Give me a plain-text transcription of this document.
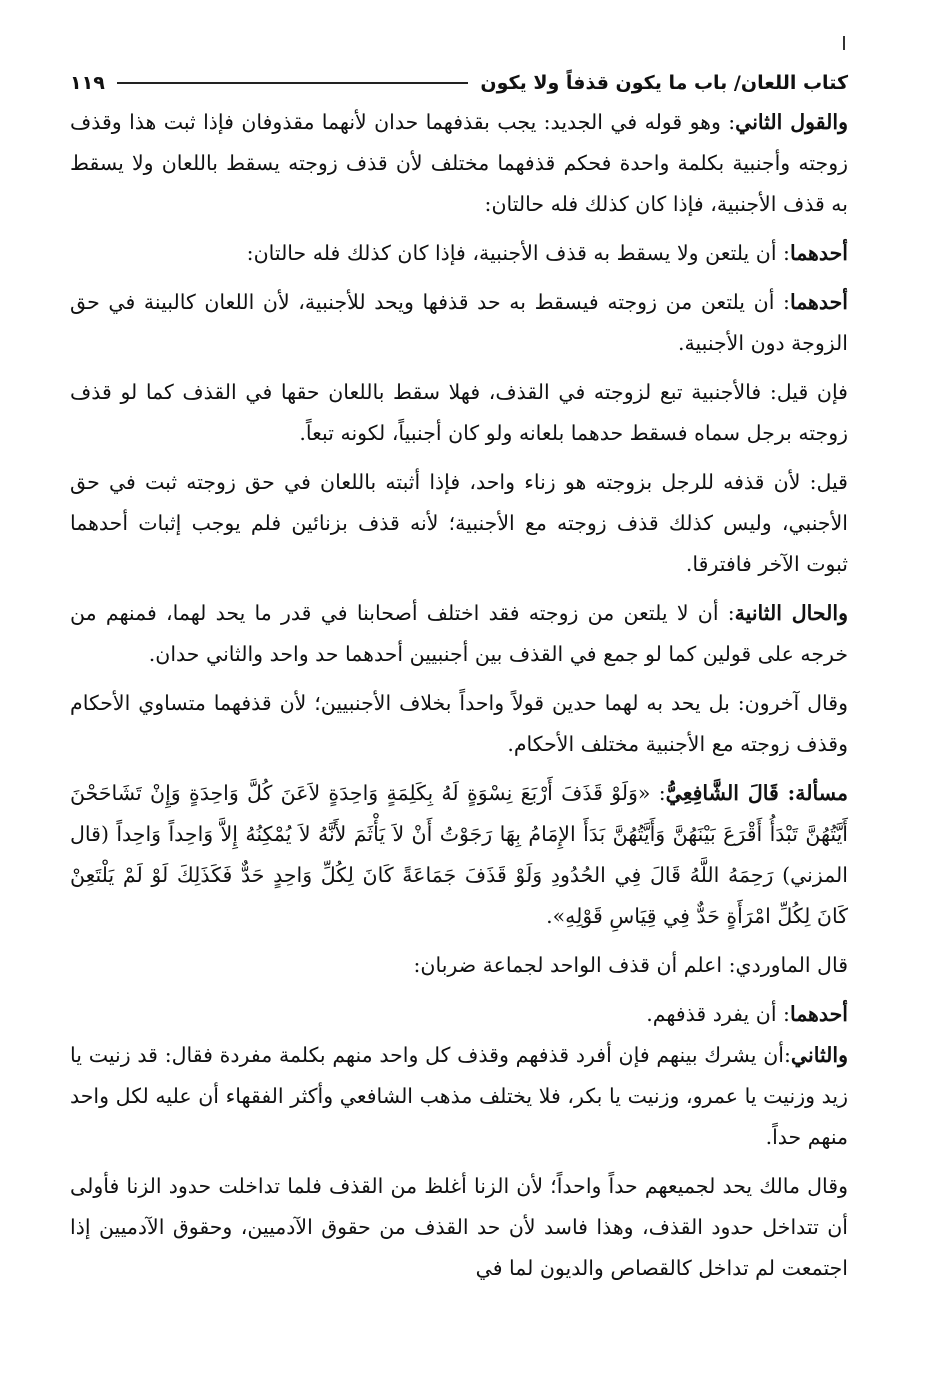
كتاب اللعان/ باب ما يكون قذفاً ولا يكون
١١٩

والقول الثاني: وهو قوله في الجديد: يجب بقذفهما حدان لأنهما مقذوفان فإذا ثبت هذا وقذف زوجته وأجنبية بكلمة واحدة فحكم قذفهما مختلف لأن قذف زوجته يسقط باللعان ولا يسقط به قذف الأجنبية، فإذا كان كذلك فله حالتان:

أحدهما: أن يلتعن ولا يسقط به قذف الأجنبية، فإذا كان كذلك فله حالتان:

أحدهما: أن يلتعن من زوجته فيسقط به حد قذفها ويحد للأجنبية، لأن اللعان كالبينة في حق الزوجة دون الأجنبية.

فإن قيل: فالأجنبية تبع لزوجته في القذف، فهلا سقط باللعان حقها في القذف كما لو قذف زوجته برجل سماه فسقط حدهما بلعانه ولو كان أجنبياً، لكونه تبعاً.

قيل: لأن قذفه للرجل بزوجته هو زناء واحد، فإذا أثبته باللعان في حق زوجته ثبت في حق الأجنبي، وليس كذلك قذف زوجته مع الأجنبية؛ لأنه قذف بزنائين فلم يوجب إثبات أحدهما ثبوت الآخر فافترقا.

والحال الثانية: أن لا يلتعن من زوجته فقد اختلف أصحابنا في قدر ما يحد لهما، فمنهم من خرجه على قولين كما لو جمع في القذف بين أجنبيين أحدهما حد واحد والثاني حدان.

وقال آخرون: بل يحد به لهما حدين قولاً واحداً بخلاف الأجنبيين؛ لأن قذفهما متساوي الأحكام وقذف زوجته مع الأجنبية مختلف الأحكام.

مسألة: قَالَ الشَّافِعِيُّ: «وَلَوْ قَذَفَ أَرْبَعَ نِسْوَةٍ لَهُ بِكَلِمَةٍ وَاحِدَةٍ لاَعَنَ كُلَّ وَاحِدَةٍ وَإِنْ تَشَاحَحْنَ أَيَّتُهُنَّ تَبْدَأُ أَقْرَعَ بَيْنَهُنَّ وَأَيَّتُهُنَّ بَدَأَ الإِمَامُ بِهَا رَجَوْتُ أَنْ لاَ يَأْثَمَ لأَنَّهُ لاَ يُمْكِنُهُ إِلاَّ وَاحِداً وَاحِداً (قال المزني) رَحِمَهُ اللَّهُ قَالَ فِي الحُدُودِ وَلَوْ قَذَفَ جَمَاعَةً كَانَ لِكُلِّ وَاحِدٍ حَدٌّ فَكَذَلِكَ لَوْ لَمْ يَلْتَعِنْ كَانَ لِكُلِّ امْرَأَةٍ حَدٌّ فِي قِيَاسِ قَوْلِهِ».

قال الماوردي: اعلم أن قذف الواحد لجماعة ضربان:

أحدهما: أن يفرد قذفهم.

والثاني:أن يشرك بينهم فإن أفرد قذفهم وقذف كل واحد منهم بكلمة مفردة فقال: قد زنيت يا زيد وزنيت يا عمرو، وزنيت يا بكر، فلا يختلف مذهب الشافعي وأكثر الفقهاء أن عليه لكل واحد منهم حداً.

وقال مالك يحد لجميعهم حداً واحداً؛ لأن الزنا أغلظ من القذف فلما تداخلت حدود الزنا فأولى أن تتداخل حدود القذف، وهذا فاسد لأن حد القذف من حقوق الآدميين، وحقوق الآدميين إذا اجتمعت لم تداخل كالقصاص والديون لما في
